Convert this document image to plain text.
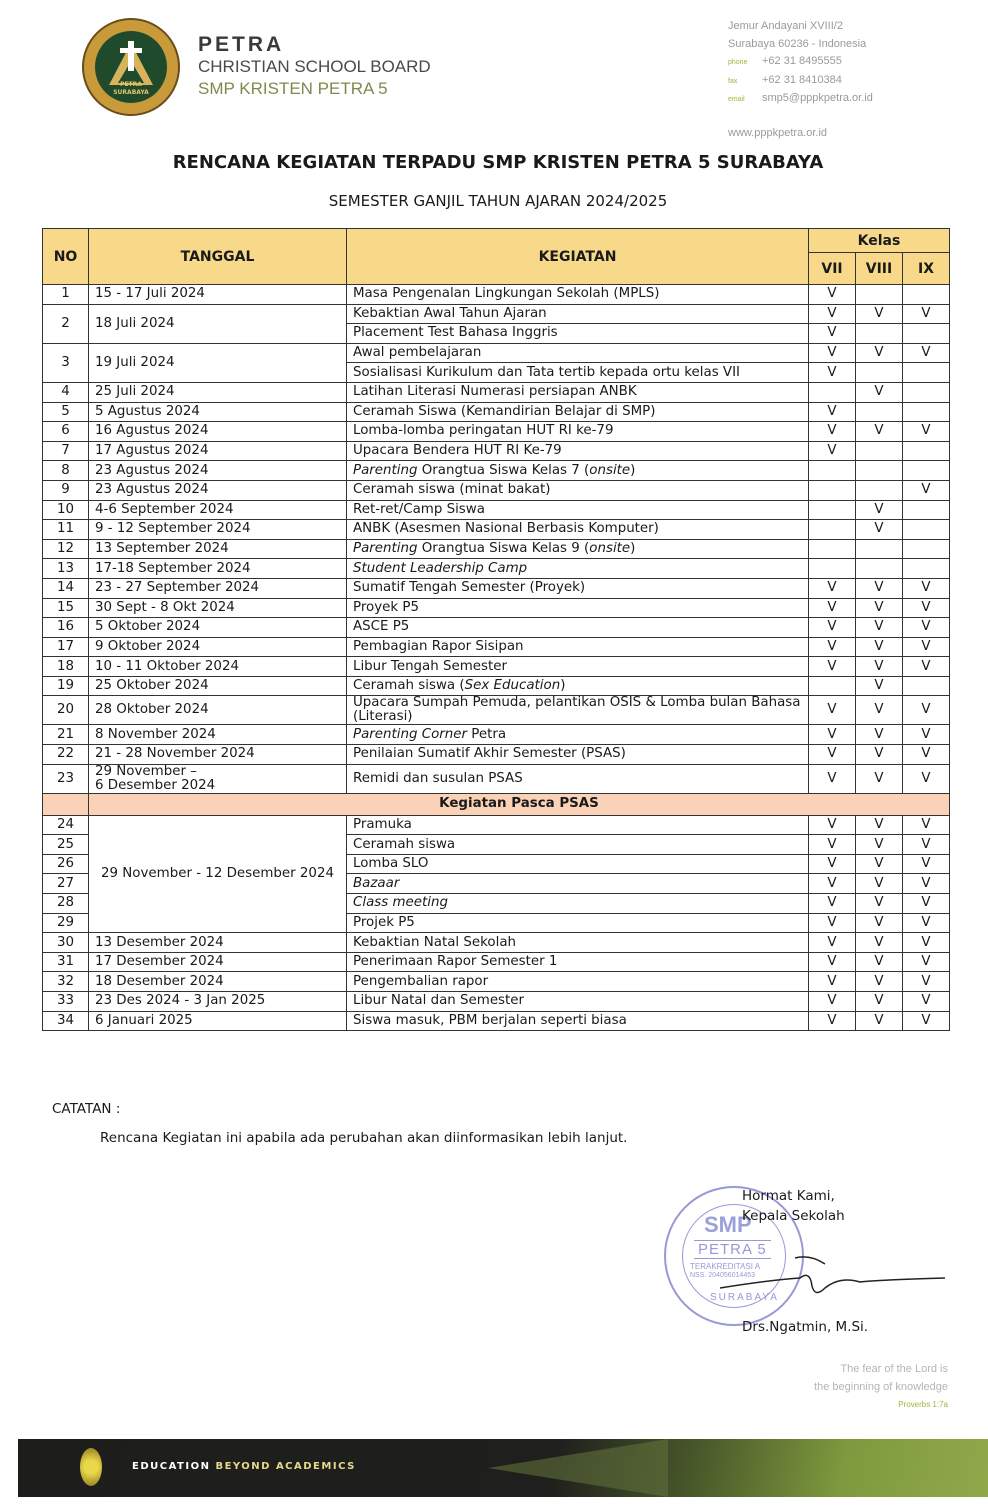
PETRA
SURABAYA
PETRA
CHRISTIAN SCHOOL BOARD
SMP KRISTEN PETRA 5
Jemur Andayani XVIII/2
Surabaya 60236 - Indonesia
phone +62 31 8495555
fax +62 31 8410384
email smp5@pppkpetra.or.id
www.pppkpetra.or.id
RENCANA KEGIATAN TERPADU SMP KRISTEN PETRA 5 SURABAYA
SEMESTER GANJIL TAHUN AJARAN 2024/2025
NO	TANGGAL	KEGIATAN	Kelas		
			VII	VIII	IX
1	15 - 17 Juli 2024	Masa Pengenalan Lingkungan Sekolah (MPLS)	V		
2	18 Juli 2024	Kebaktian Awal Tahun Ajaran	V	V	V
		Placement Test Bahasa Inggris	V		
3	19 Juli 2024	Awal pembelajaran	V	V	V
		Sosialisasi Kurikulum dan Tata tertib kepada ortu kelas VII	V		
4	25 Juli 2024	Latihan Literasi Numerasi persiapan ANBK		V	
5	5 Agustus 2024	Ceramah Siswa (Kemandirian Belajar di SMP)	V		
6	16 Agustus 2024	Lomba-lomba peringatan HUT RI ke-79	V	V	V
7	17 Agustus 2024	Upacara Bendera HUT RI Ke-79	V		
8	23 Agustus 2024	Parenting Orangtua Siswa Kelas 7 (onsite)			
9	23 Agustus 2024	Ceramah siswa (minat bakat)			V
10	4-6 September 2024	Ret-ret/Camp Siswa		V	
11	9 - 12 September 2024	ANBK (Asesmen Nasional Berbasis Komputer)		V	
12	13 September 2024	Parenting Orangtua Siswa Kelas 9 (onsite)			
13	17-18 September 2024	Student Leadership Camp			
14	23 - 27 September 2024	Sumatif Tengah Semester (Proyek)	V	V	V
15	30 Sept - 8 Okt 2024	Proyek P5	V	V	V
16	5 Oktober 2024	ASCE P5	V	V	V
17	9 Oktober 2024	Pembagian Rapor Sisipan	V	V	V
18	10 - 11 Oktober 2024	Libur Tengah Semester	V	V	V
19	25 Oktober 2024	Ceramah siswa (Sex Education)		V	
20	28 Oktober 2024	Upacara Sumpah Pemuda, pelantikan OSIS & Lomba bulan Bahasa (Literasi)	V	V	V
21	8 November 2024	Parenting Corner Petra	V	V	V
22	21 - 28 November 2024	Penilaian Sumatif Akhir Semester (PSAS)	V	V	V
23	29 November –
6 Desember 2024	Remidi dan susulan PSAS	V	V	V
	Kegiatan Pasca PSAS				
24	29 November - 12 Desember 2024	Pramuka	V	V	V
25		Ceramah siswa	V	V	V
26		Lomba SLO	V	V	V
27		Bazaar	V	V	V
28		Class meeting	V	V	V
29		Projek P5	V	V	V
30	13 Desember 2024	Kebaktian Natal Sekolah	V	V	V
31	17 Desember 2024	Penerimaan Rapor Semester 1	V	V	V
32	18 Desember 2024	Pengembalian rapor	V	V	V
33	23 Des 2024 - 3 Jan 2025	Libur Natal dan Semester	V	V	V
34	6 Januari 2025	Siswa masuk, PBM berjalan seperti biasa	V	V	V
CATATAN :
Rencana Kegiatan ini apabila ada perubahan akan diinformasikan lebih lanjut.
SMP
PETRA 5
TERAKREDITASI A
NSS. 204056014453
SURABAYA
Hormat Kami,
Kepala Sekolah
Drs.Ngatmin, M.Si.
The fear of the Lord is
the beginning of knowledge
Proverbs 1:7a
EDUCATION BEYOND ACADEMICS
